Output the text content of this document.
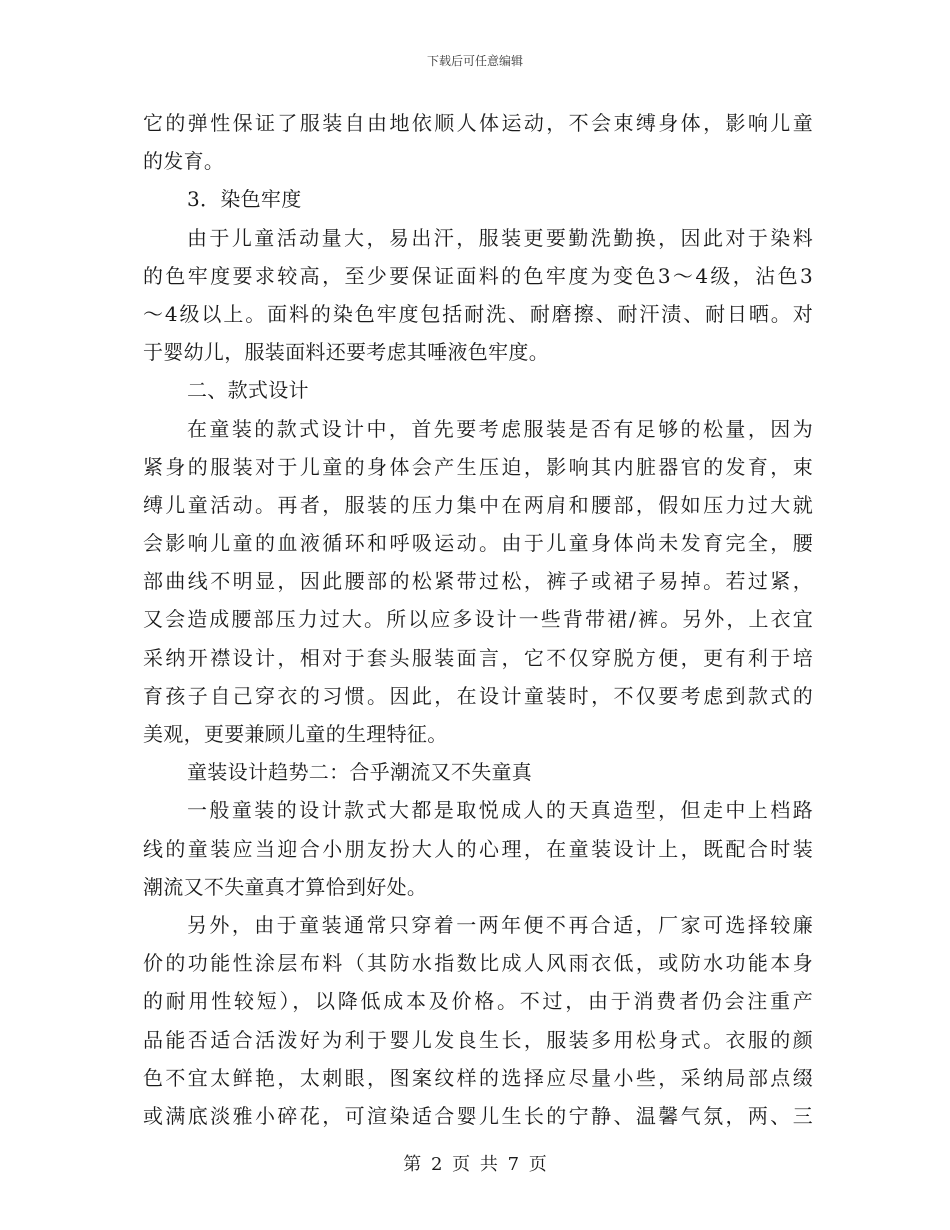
下载后可任意编辑
它的弹性保证了服装自由地依顺人体运动，不会束缚身体，影响儿童
的发育。
3．染色牢度
由于儿童活动量大，易出汗，服装更要勤洗勤换，因此对于染料
的色牢度要求较高，至少要保证面料的色牢度为变色3～4级，沾色3
～4级以上。面料的染色牢度包括耐洗、耐磨擦、耐汗渍、耐日晒。对
于婴幼儿，服装面料还要考虑其唾液色牢度。
二、款式设计
在童装的款式设计中，首先要考虑服装是否有足够的松量，因为
紧身的服装对于儿童的身体会产生压迫，影响其内脏器官的发育，束
缚儿童活动。再者，服装的压力集中在两肩和腰部，假如压力过大就
会影响儿童的血液循环和呼吸运动。由于儿童身体尚未发育完全，腰
部曲线不明显，因此腰部的松紧带过松，裤子或裙子易掉。若过紧，
又会造成腰部压力过大。所以应多设计一些背带裙/裤。另外，上衣宜
采纳开襟设计，相对于套头服装面言，它不仅穿脱方便，更有利于培
育孩子自己穿衣的习惯。因此，在设计童装时，不仅要考虑到款式的
美观，更要兼顾儿童的生理特征。
童装设计趋势二：合乎潮流又不失童真
一般童装的设计款式大都是取悦成人的天真造型，但走中上档路
线的童装应当迎合小朋友扮大人的心理，在童装设计上，既配合时装
潮流又不失童真才算恰到好处。
另外，由于童装通常只穿着一两年便不再合适，厂家可选择较廉
价的功能性涂层布料（其防水指数比成人风雨衣低，或防水功能本身
的耐用性较短），以降低成本及价格。不过，由于消费者仍会注重产
品能否适合活泼好为利于婴儿发良生长，服装多用松身式。衣服的颜
色不宜太鲜艳，太刺眼，图案纹样的选择应尽量小些，采纳局部点缀
或满底淡雅小碎花，可渲染适合婴儿生长的宁静、温馨气氛，两、三
第 2 页 共 7 页
